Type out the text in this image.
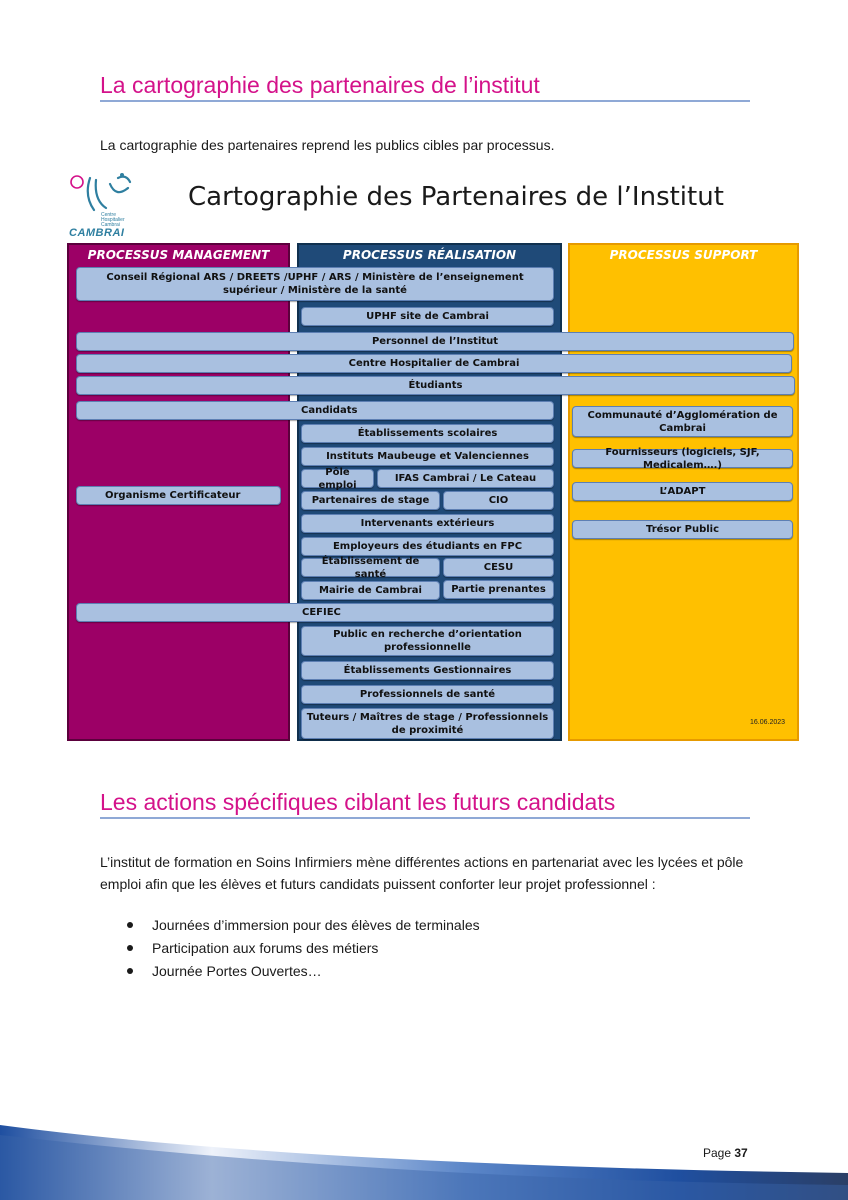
La cartographie des partenaires de l’institut
La cartographie des partenaires reprend les publics cibles par processus.
Centre
Hospitalier
Cambrai
CAMBRAI
Cartographie des Partenaires de l’Institut
PROCESSUS MANAGEMENT	PROCESSUS RÉALISATION	PROCESSUS SUPPORT
Conseil Régional ARS / DREETS /UPHF / ARS / Ministère de l’enseignement supérieur / Ministère de la santé
UPHF site de Cambrai
Personnel de l’Institut
Centre Hospitalier de Cambrai
Étudiants
Candidats	Communauté d’Agglomération de Cambrai
Établissements scolaires
Instituts Maubeuge et Valenciennes	Fournisseurs (logiciels, SJF, Medicalem….)
Pôle emploi
IFAS Cambrai / Le Cateau
L’ADAPT
Organisme Certificateur	Partenaires de stage	CIO
Intervenants extérieurs
Trésor Public
Employeurs des étudiants en FPC
Établissement de santé
CESU
Mairie de Cambrai	Partie prenantes
CEFIEC
Public en recherche d’orientation professionnelle
Établissements Gestionnaires
Professionnels de santé
Tuteurs / Maîtres de stage / Professionnels de proximité
16.06.2023
Les actions spécifiques ciblant les futurs candidats
L’institut de formation en Soins Infirmiers mène différentes actions en partenariat avec les lycées et pôle emploi afin que les élèves et futurs candidats puissent conforter leur projet professionnel :
Journées d’immersion pour des élèves de terminales
Participation aux forums des métiers
Journée Portes Ouvertes…
Page 37
